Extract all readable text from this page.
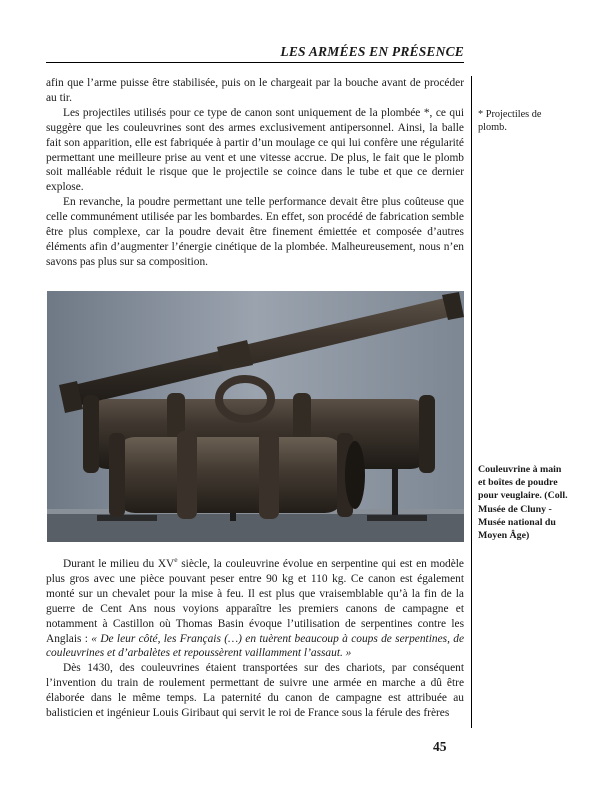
LES ARMÉES EN PRÉSENCE

afin que l’arme puisse être stabilisée, puis on le chargeait par la bouche avant de procéder au tir.

Les projectiles utilisés pour ce type de canon sont uniquement de la plombée *, ce qui suggère que les couleuvrines sont des armes exclusivement antipersonnel. Ainsi, la balle fait son apparition, elle est fabriquée à partir d’un moulage ce qui lui confère une régularité permettant une meilleure prise au vent et une vitesse accrue. De plus, le fait que le plomb soit malléable réduit le risque que le projectile se coince dans le tube et que ce dernier explose.

En revanche, la poudre permettant une telle performance devait être plus coûteuse que celle communément utilisée par les bombardes. En effet, son procédé de fabrication semble être plus complexe, car la poudre devait être finement émiettée et composée d’autres éléments afin d’augmenter l’énergie cinétique de la plombée. Malheureusement, nous n’en savons pas plus sur sa composition.

* Projectiles de plomb.
Couleuvrine à main et boîtes de poudre pour veuglaire. (Coll. Musée de Cluny - Musée national du Moyen Âge)

Durant le milieu du XVe siècle, la couleuvrine évolue en serpentine qui est en modèle plus gros avec une pièce pouvant peser entre 90 kg et 110 kg. Ce canon est également monté sur un chevalet pour la mise à feu. Il est plus que vraisemblable qu’à la fin de la guerre de Cent Ans nous voyions apparaître les premiers canons de campagne et notamment à Castillon où Thomas Basin évoque l’utilisation de serpentines contre les Anglais : « De leur côté, les Français (…) en tuèrent beaucoup à coups de serpentines, de couleuvrines et d’arbalètes et repoussèrent vaillamment l’assaut. »

Dès 1430, des couleuvrines étaient transportées sur des chariots, par conséquent l’invention du train de roulement permettant de suivre une armée en marche a dû être élaborée dans le même temps. La paternité du canon de campagne est attribuée au balisticien et ingénieur Louis Giribaut qui servit le roi de France sous la férule des frères

45
